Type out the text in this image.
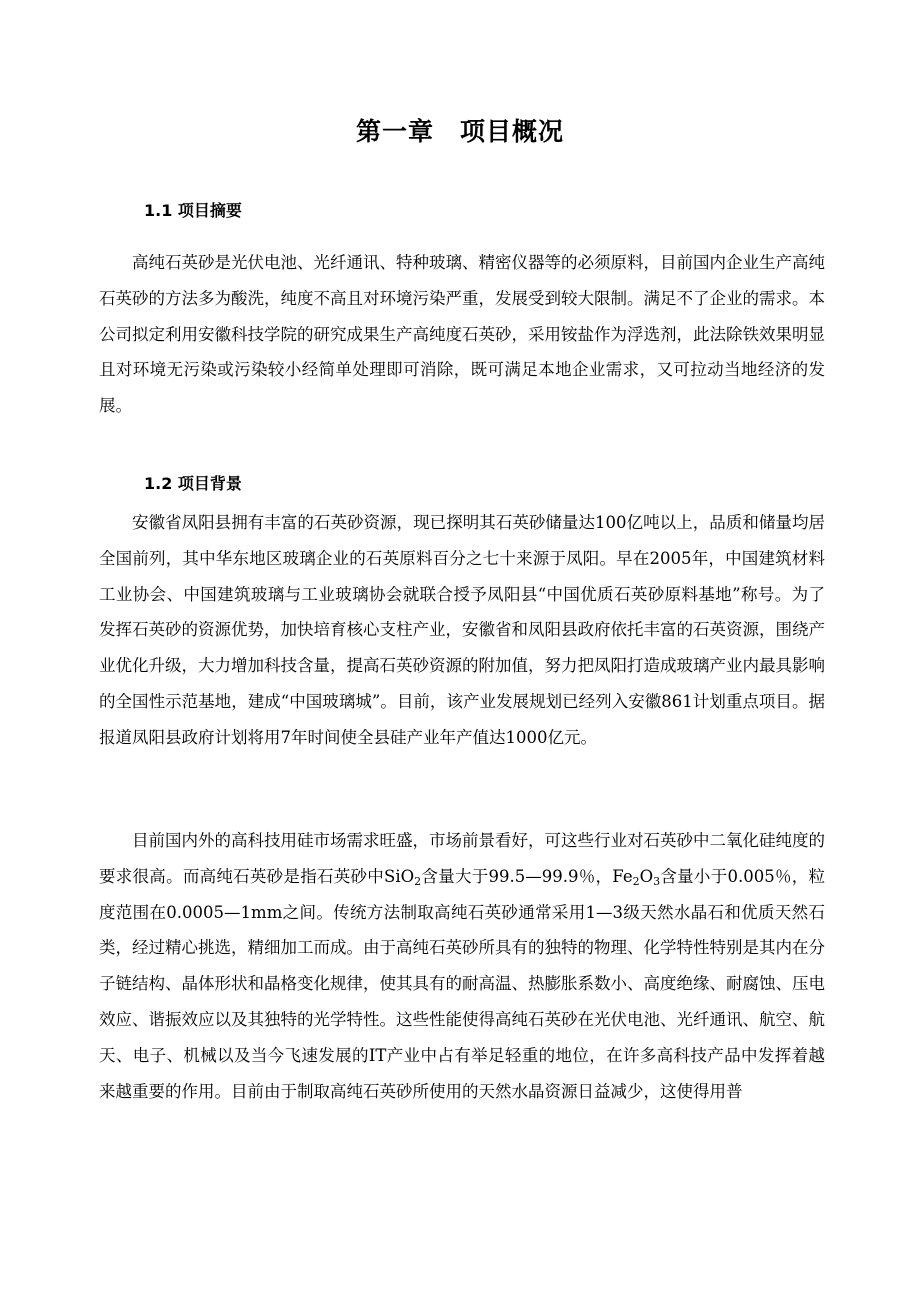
第一章　项目概况
1.1 项目摘要

高纯石英砂是光伏电池、光纤通讯、特种玻璃、精密仪器等的必须原料，目前国内企业生产高纯石英砂的方法多为酸洗，纯度不高且对环境污染严重，发展受到较大限制。满足不了企业的需求。本公司拟定利用安徽科技学院的研究成果生产高纯度石英砂，采用铵盐作为浮选剂，此法除铁效果明显且对环境无污染或污染较小经简单处理即可消除，既可满足本地企业需求，又可拉动当地经济的发展。

1.2 项目背景

安徽省凤阳县拥有丰富的石英砂资源，现已探明其石英砂储量达100亿吨以上，品质和储量均居全国前列，其中华东地区玻璃企业的石英原料百分之七十来源于凤阳。早在2005年，中国建筑材料工业协会、中国建筑玻璃与工业玻璃协会就联合授予凤阳县“中国优质石英砂原料基地”称号。为了发挥石英砂的资源优势，加快培育核心支柱产业，安徽省和凤阳县政府依托丰富的石英资源，围绕产业优化升级，大力增加科技含量，提高石英砂资源的附加值，努力把凤阳打造成玻璃产业内最具影响的全国性示范基地，建成“中国玻璃城”。目前，该产业发展规划已经列入安徽861计划重点项目。据报道凤阳县政府计划将用7年时间使全县硅产业年产值达1000亿元。

目前国内外的高科技用硅市场需求旺盛，市场前景看好，可这些行业对石英砂中二氧化硅纯度的要求很高。而高纯石英砂是指石英砂中SiO$_2$含量大于99.5—99.9％，$Fe_2O_3$含量小于0.005％，粒度范围在0.0005—1mm之间。传统方法制取高纯石英砂通常采用1—3级天然水晶石和优质天然石类，经过精心挑选，精细加工而成。由于高纯石英砂所具有的独特的物理、化学特性特别是其内在分子链结构、晶体形状和晶格变化规律，使其具有的耐高温、热膨胀系数小、高度绝缘、耐腐蚀、压电效应、谐振效应以及其独特的光学特性。这些性能使得高纯石英砂在光伏电池、光纤通讯、航空、航天、电子、机械以及当今飞速发展的IT产业中占有举足轻重的地位，在许多高科技产品中发挥着越来越重要的作用。目前由于制取高纯石英砂所使用的天然水晶资源日益减少，这使得用普
